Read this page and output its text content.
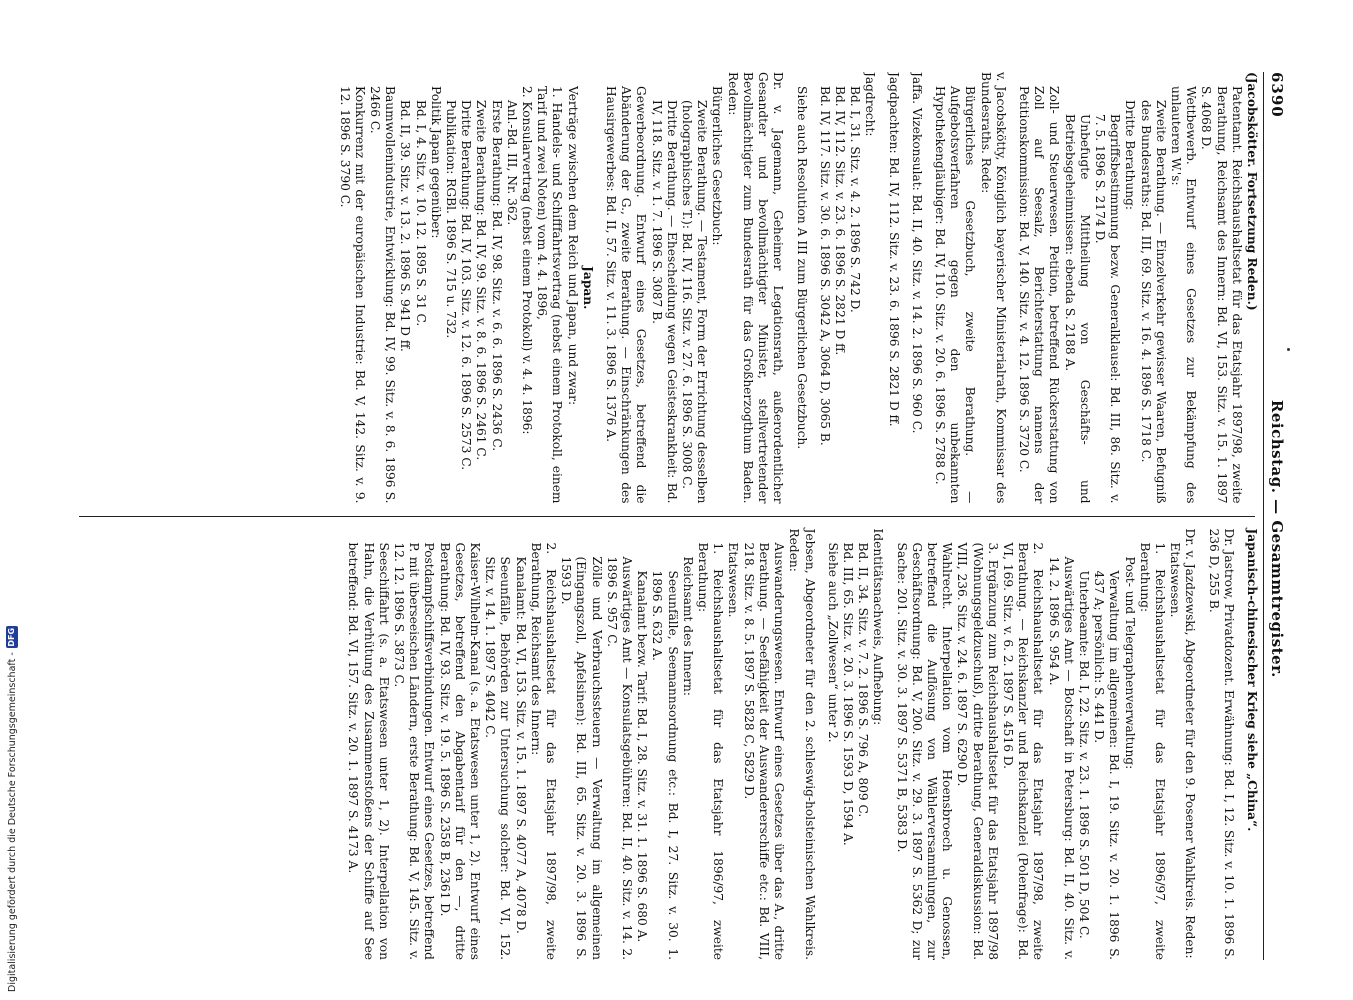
6390
Reichstag. — Gesammtregister.

(Jacobskötter. Fortsetzung Reden.)

Patentamt. Reichshaushaltsetat für das Etatsjahr 1897/98, zweite Berathung, Reichsamt des Innern: Bd. VI, 153. Sitz. v. 15. 1. 1897 S. 4068 D.

Wettbewerb. Entwurf eines Gesetzes zur Bekämpfung des unlauteren W.'s:

Zweite Berathung. — Einzelverkehr gewisser Waaren, Befugniß des Bundesraths: Bd. III, 69. Sitz. v. 16. 4. 1896 S. 1718 C.

Dritte Berathung:

Begriffsbestimmung bezw. Generalklausel: Bd. III, 86. Sitz. v. 7. 5. 1896 S. 2174 D.

Unbefugte Mittheilung von Geschäfts- und Betriebsgeheimnissen: ebenda S. 2188 A.

Zoll- und Steuerwesen. Petition, betreffend Rückerstattung von Zoll auf Seesalz, Berichterstattung namens der Petitionskommission: Bd. V, 140. Sitz. v. 4. 12. 1896 S. 3720 C.

v. Jacobskötty, Königlich bayerischer Ministerialrath, Kommissar des Bundesraths. Rede:

Bürgerliches Gesetzbuch, zweite Berathung. — Aufgebotsverfahren gegen den unbekannten Hypothekengläubiger: Bd. IV, 110. Sitz. v. 20. 6. 1896 S. 2788 C.

Jaffa. Vizekonsulat: Bd. II, 40. Sitz. v. 14. 2. 1896 S. 960 C.

Jagdpachten: Bd. IV, 112. Sitz. v. 23. 6. 1896 S. 2821 D ff.

Jagdrecht:

Bd. I, 31. Sitz. v. 4. 2. 1896 S. 742 D.

Bd. IV, 112. Sitz. v. 23. 6. 1896 S. 2821 D ff.

Bd. IV, 117. Sitz. v. 30. 6. 1896 S. 3042 A, 3064 D, 3065 B.

Siehe auch Resolution A III zum Bürgerlichen Gesetzbuch.

Dr. v. Jagemann, Geheimer Legationsrath, außerordentlicher Gesandter und bevollmächtigter Minister, stellvertretender Bevollmächtigter zum Bundesrath für das Großherzogthum Baden. Reden:

Bürgerliches Gesetzbuch:

Zweite Berathung. — Testament, Form der Errichtung desselben (holographisches T.): Bd. IV, 116. Sitz. v. 27. 6. 1896 S. 3008 C.

Dritte Berathung. — Ehescheidung wegen Geisteskrankheit: Bd. IV, 118. Sitz. v. 1. 7. 1896 S. 3087 B.

Gewerbeordnung. Entwurf eines Gesetzes, betreffend die Abänderung der G., zweite Berathung. — Einschränkungen des Hausirgewerbes: Bd. II, 57. Sitz. v. 11. 3. 1896 S. 1376 A.

Japan.

Verträge zwischen dem Reich und Japan, und zwar:

1. Handels- und Schifffahrtsvertrag (nebst einem Protokoll, einem Tarif und zwei Noten) vom 4. 4. 1896,

2. Konsularvertrag (nebst einem Protokoll) v. 4. 4. 1896:

Anl.-Bd. III, Nr. 362.

Erste Berathung: Bd. IV, 98. Sitz. v. 6. 6. 1896 S. 2436 C.

Zweite Berathung: Bd. IV, 99. Sitz. v. 8. 6. 1896 S. 2461 C.

Dritte Berathung: Bd. IV, 103. Sitz. v. 12. 6. 1896 S. 2573 C.

Publikation: RGBl. 1896 S. 715 u. 732.

Politik Japan gegenüber:

Bd. I, 4. Sitz. v. 10. 12. 1895 S. 31 C.

Bd. II, 39. Sitz. v. 13. 2. 1896 S. 941 D ff.

Baumwollenindustrie, Entwicklung: Bd. IV, 99. Sitz. v. 8. 6. 1896 S. 2466 C.

Konkurrenz mit der europäischen Industrie: Bd. V, 142. Sitz. v. 9. 12. 1896 S. 3790 C.

Japanisch-chinesischer Krieg siehe „China“.

Dr. Jastrow, Privatdozent. Erwähnung: Bd. I, 12. Sitz. v. 10. 1. 1896 S. 236 D, 255 B.

Dr. v. Jazdzewski, Abgeordneter für den 9. Posener Wahlkreis. Reden:

Etatswesen.

1. Reichshaushaltsetat für das Etatsjahr 1896/97, zweite Berathung:

Post- und Telegraphenverwaltung:

Verwaltung im allgemeinen: Bd. I, 19. Sitz. v. 20. 1. 1896 S. 437 A; persönlich: S. 441 D.

Unterbeamte: Bd. I, 22. Sitz. v. 23. 1. 1896 S. 501 D, 504 C.

Auswärtiges Amt — Botschaft in Petersburg: Bd. II, 40. Sitz. v. 14. 2. 1896 S. 954 A.

2. Reichshaushaltsetat für das Etatsjahr 1897/98, zweite Berathung. — Reichskanzler und Reichskanzlei (Polenfrage): Bd. VI, 169. Sitz. v. 6. 2. 1897 S. 4516 D.

3. Ergänzung zum Reichshaushaltsetat für das Etatsjahr 1897/98 (Wohnungsgeldzuschuß), dritte Berathung, Generaldiskussion: Bd. VIII, 236. Sitz. v. 24. 6. 1897 S. 6290 D.

Wahlrecht. Interpellation vom Hoensbroech u. Genossen, betreffend die Auflösung von Wählerversammlungen, zur Geschäftsordnung: Bd. V, 200. Sitz. v. 29. 3. 1897 S. 5362 D; zur Sache: 201. Sitz. v. 30. 3. 1897 S. 5371 B, 5383 D.

Identitätsnachweis, Aufhebung:

Bd. II, 34. Sitz. v. 7. 2. 1896 S. 796 A, 809 C.

Bd. III, 65. Sitz. v. 20. 3. 1896 S. 1593 D, 1594 A.

Siehe auch „Zollwesen“ unter 2.

Jebsen, Abgeordneter für den 2. schleswig-holsteinischen Wahlkreis. Reden:

Auswanderungswesen. Entwurf eines Gesetzes über das A., dritte Berathung. — Seefähigkeit der Auswandererschiffe etc.: Bd. VIII, 218. Sitz. v. 8. 5. 1897 S. 5828 C, 5829 D.

Etatswesen.

1. Reichshaushaltsetat für das Etatsjahr 1896/97, zweite Berathung:

Reichsamt des Innern:

Seeunfälle, Seemannsordnung etc.: Bd. I, 27. Sitz. v. 30. 1. 1896 S. 632 A.

Kanalamt bezw. Tarif: Bd. I, 28. Sitz. v. 31. 1. 1896 S. 680 A.

Auswärtiges Amt — Konsulatsgebühren: Bd. II, 40. Sitz. v. 14. 2. 1896 S. 957 C.

Zölle und Verbrauchssteuern — Verwaltung im allgemeinen (Eingangszoll, Apfelsinen): Bd. III, 65. Sitz. v. 20. 3. 1896 S. 1593 D.

2. Reichshaushaltsetat für das Etatsjahr 1897/98, zweite Berathung, Reichsamt des Innern:

Kanalamt: Bd. VI, 153. Sitz. v. 15. 1. 1897 S. 4077 A, 4078 D.

Seeunfälle, Behörden zur Untersuchung solcher: Bd. VI, 152. Sitz. v. 14. 1. 1897 S. 4042 C.

Kaiser-Wilhelm-Kanal (s. a. Etatswesen unter 1, 2). Entwurf eines Gesetzes, betreffend den Abgabentarif für den —, dritte Berathung: Bd. IV, 93. Sitz. v. 19. 5. 1896 S. 2358 B, 2361 D.

Postdampfschiffsverbindungen. Entwurf eines Gesetzes, betreffend P. mit überseeischen Ländern, erste Berathung: Bd. V, 145. Sitz. v. 12. 12. 1896 S. 3873 C.

Seeschiffahrt (s. a. Etatswesen unter 1, 2). Interpellation von Hahn, die Verhütung des Zusammenstoßens der Schiffe auf See betreffend: Bd. VI, 157. Sitz. v. 20. 1. 1897 S. 4173 A.

Digitalisierung gefördert durch die Deutsche Forschungsgemeinschaft -
DFG
